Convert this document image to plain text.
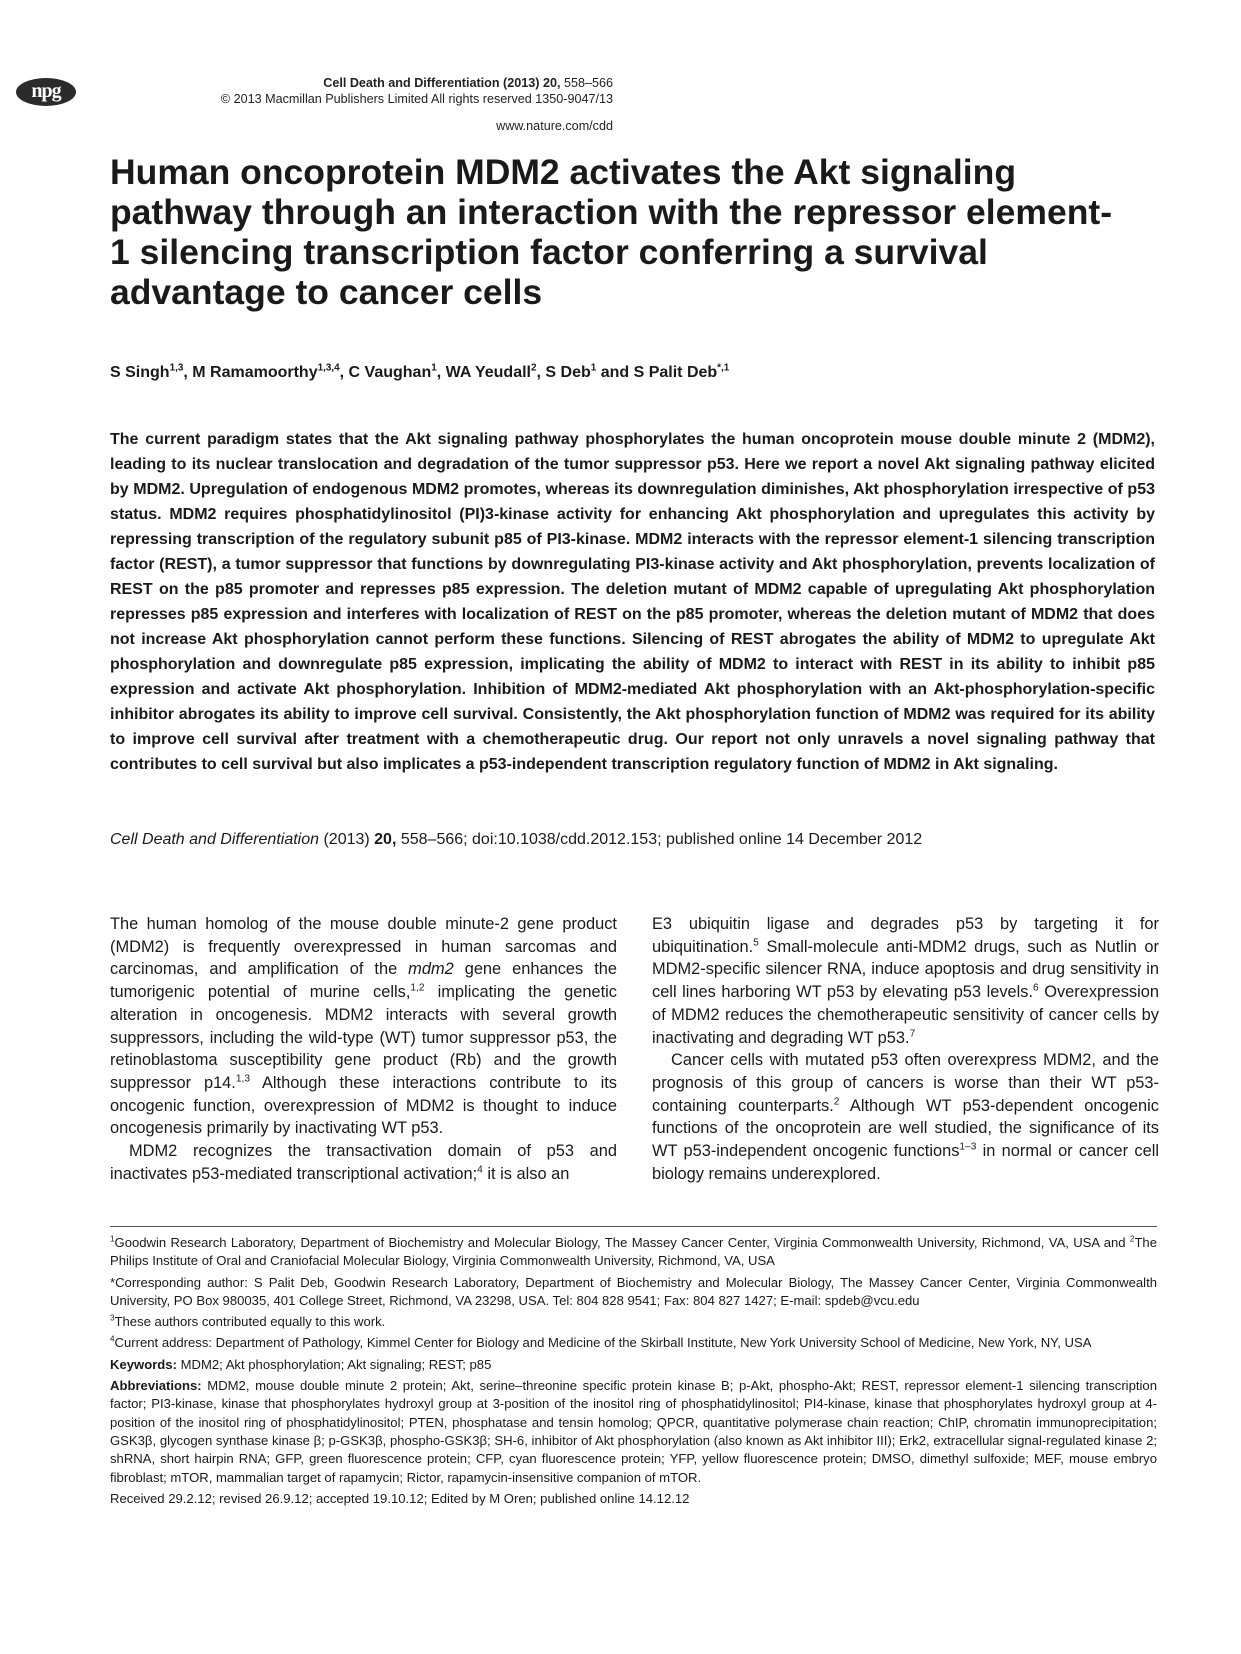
npg	Cell Death and Differentiation (2013) 20, 558–566
© 2013 Macmillan Publishers Limited All rights reserved 1350-9047/13
www.nature.com/cdd
Human oncoprotein MDM2 activates the Akt signaling pathway through an interaction with the repressor element-1 silencing transcription factor conferring a survival advantage to cancer cells
S Singh$^{1,3}$, M Ramamoorthy$^{1,3,4}$, C Vaughan$^1$, WA Yeudall$^2$, S Deb$^1$ and S Palit Deb$^{*,1}$
The current paradigm states that the Akt signaling pathway phosphorylates the human oncoprotein mouse double minute 2 (MDM2), leading to its nuclear translocation and degradation of the tumor suppressor p53. Here we report a novel Akt signaling pathway elicited by MDM2. Upregulation of endogenous MDM2 promotes, whereas its downregulation diminishes, Akt phosphorylation irrespective of p53 status. MDM2 requires phosphatidylinositol (PI)3-kinase activity for enhancing Akt phosphorylation and upregulates this activity by repressing transcription of the regulatory subunit p85 of PI3-kinase. MDM2 interacts with the repressor element-1 silencing transcription factor (REST), a tumor suppressor that functions by downregulating PI3-kinase activity and Akt phosphorylation, prevents localization of REST on the p85 promoter and represses p85 expression. The deletion mutant of MDM2 capable of upregulating Akt phosphorylation represses p85 expression and interferes with localization of REST on the p85 promoter, whereas the deletion mutant of MDM2 that does not increase Akt phosphorylation cannot perform these functions. Silencing of REST abrogates the ability of MDM2 to upregulate Akt phosphorylation and downregulate p85 expression, implicating the ability of MDM2 to interact with REST in its ability to inhibit p85 expression and activate Akt phosphorylation. Inhibition of MDM2-mediated Akt phosphorylation with an Akt-phosphorylation-specific inhibitor abrogates its ability to improve cell survival. Consistently, the Akt phosphorylation function of MDM2 was required for its ability to improve cell survival after treatment with a chemotherapeutic drug. Our report not only unravels a novel signaling pathway that contributes to cell survival but also implicates a p53-independent transcription regulatory function of MDM2 in Akt signaling.
Cell Death and Differentiation (2013) 20, 558–566; doi:10.1038/cdd.2012.153; published online 14 December 2012

The human homolog of the mouse double minute-2 gene product (MDM2) is frequently overexpressed in human sarcomas and carcinomas, and amplification of the mdm2 gene enhances the tumorigenic potential of murine cells,$^{1,2}$ implicating the genetic alteration in oncogenesis. MDM2 interacts with several growth suppressors, including the wild-type (WT) tumor suppressor p53, the retinoblastoma susceptibility gene product (Rb) and the growth suppressor p14.$^{1,3}$ Although these interactions contribute to its oncogenic function, overexpression of MDM2 is thought to induce oncogenesis primarily by inactivating WT p53.

MDM2 recognizes the transactivation domain of p53 and inactivates p53-mediated transcriptional activation;$^4$ it is also an

E3 ubiquitin ligase and degrades p53 by targeting it for ubiquitination.$^5$ Small-molecule anti-MDM2 drugs, such as Nutlin or MDM2-specific silencer RNA, induce apoptosis and drug sensitivity in cell lines harboring WT p53 by elevating p53 levels.$^6$ Overexpression of MDM2 reduces the chemotherapeutic sensitivity of cancer cells by inactivating and degrading WT p53.$^7$

Cancer cells with mutated p53 often overexpress MDM2, and the prognosis of this group of cancers is worse than their WT p53-containing counterparts.$^2$ Although WT p53-dependent oncogenic functions of the oncoprotein are well studied, the significance of its WT p53-independent oncogenic functions$^{1-3}$ in normal or cancer cell biology remains underexplored.

$^1$Goodwin Research Laboratory, Department of Biochemistry and Molecular Biology, The Massey Cancer Center, Virginia Commonwealth University, Richmond, VA, USA and $^2$The Philips Institute of Oral and Craniofacial Molecular Biology, Virginia Commonwealth University, Richmond, VA, USA

*Corresponding author: S Palit Deb, Goodwin Research Laboratory, Department of Biochemistry and Molecular Biology, The Massey Cancer Center, Virginia Commonwealth University, PO Box 980035, 401 College Street, Richmond, VA 23298, USA. Tel: 804 828 9541; Fax: 804 827 1427; E-mail: spdeb@vcu.edu

$^3$These authors contributed equally to this work.

$^4$Current address: Department of Pathology, Kimmel Center for Biology and Medicine of the Skirball Institute, New York University School of Medicine, New York, NY, USA

Keywords: MDM2; Akt phosphorylation; Akt signaling; REST; p85

Abbreviations: MDM2, mouse double minute 2 protein; Akt, serine–threonine specific protein kinase B; p-Akt, phospho-Akt; REST, repressor element-1 silencing transcription factor; PI3-kinase, kinase that phosphorylates hydroxyl group at 3-position of the inositol ring of phosphatidylinositol; PI4-kinase, kinase that phosphorylates hydroxyl group at 4-position of the inositol ring of phosphatidylinositol; PTEN, phosphatase and tensin homolog; QPCR, quantitative polymerase chain reaction; ChIP, chromatin immunoprecipitation; GSK3β, glycogen synthase kinase β; p-GSK3β, phospho-GSK3β; SH-6, inhibitor of Akt phosphorylation (also known as Akt inhibitor III); Erk2, extracellular signal-regulated kinase 2; shRNA, short hairpin RNA; GFP, green fluorescence protein; CFP, cyan fluorescence protein; YFP, yellow fluorescence protein; DMSO, dimethyl sulfoxide; MEF, mouse embryo fibroblast; mTOR, mammalian target of rapamycin; Rictor, rapamycin-insensitive companion of mTOR.

Received 29.2.12; revised 26.9.12; accepted 19.10.12; Edited by M Oren; published online 14.12.12
